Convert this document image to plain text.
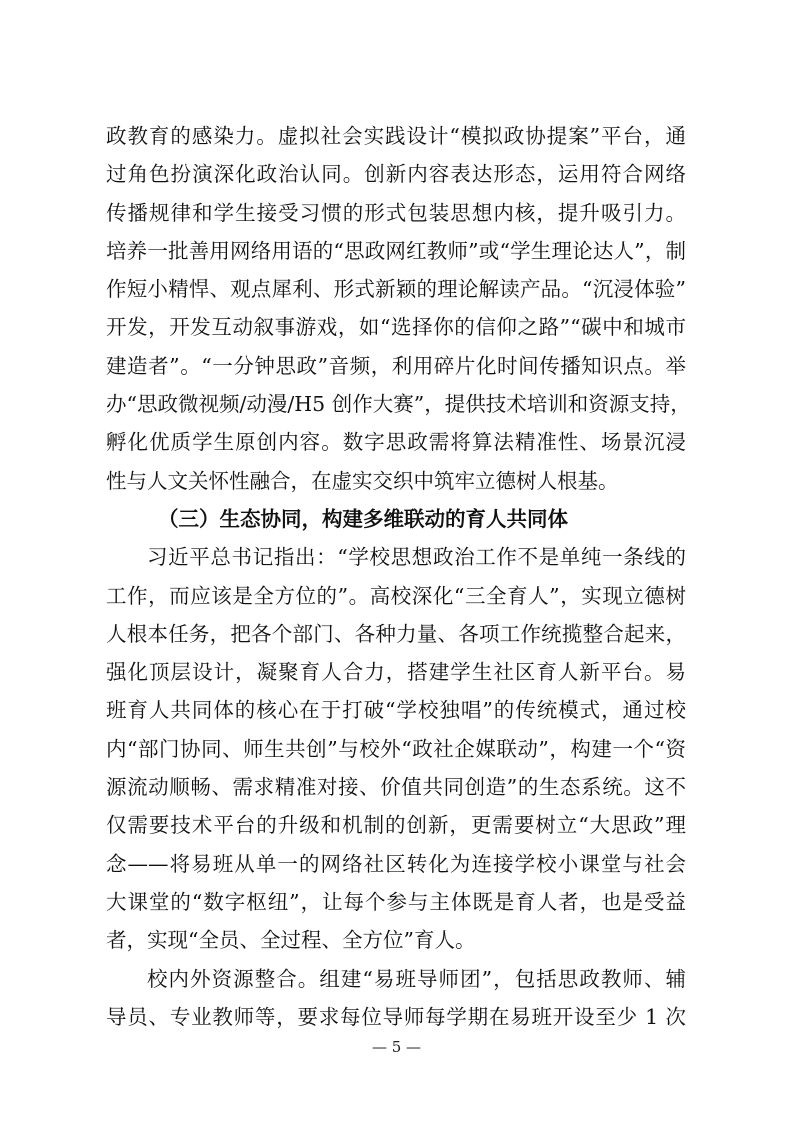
政教育的感染力。虚拟社会实践设计“模拟政协提案”平台，通
过角色扮演深化政治认同。创新内容表达形态，运用符合网络
传播规律和学生接受习惯的形式包装思想内核，提升吸引力。
培养一批善用网络用语的“思政网红教师”或“学生理论达人”，制
作短小精悍、观点犀利、形式新颖的理论解读产品。“沉浸体验”
开发，开发互动叙事游戏，如“选择你的信仰之路”“碳中和城市
建造者”。“一分钟思政”音频，利用碎片化时间传播知识点。举
办“思政微视频/动漫/H5 创作大赛”，提供技术培训和资源支持，
孵化优质学生原创内容。数字思政需将算法精准性、场景沉浸
性与人文关怀性融合，在虚实交织中筑牢立德树人根基。
（三）生态协同，构建多维联动的育人共同体
习近平总书记指出：“学校思想政治工作不是单纯一条线的
工作，而应该是全方位的”。高校深化“三全育人”，实现立德树
人根本任务，把各个部门、各种力量、各项工作统揽整合起来，
强化顶层设计，凝聚育人合力，搭建学生社区育人新平台。易
班育人共同体的核心在于打破“学校独唱”的传统模式，通过校
内“部门协同、师生共创”与校外“政社企媒联动”，构建一个“资
源流动顺畅、需求精准对接、价值共同创造”的生态系统。这不
仅需要技术平台的升级和机制的创新，更需要树立“大思政”理
念——将易班从单一的网络社区转化为连接学校小课堂与社会
大课堂的“数字枢纽”，让每个参与主体既是育人者，也是受益
者，实现“全员、全过程、全方位”育人。
校内外资源整合。组建“易班导师团”，包括思政教师、辅
导员、专业教师等，要求每位导师每学期在易班开设至少 1 次
— 5 —
